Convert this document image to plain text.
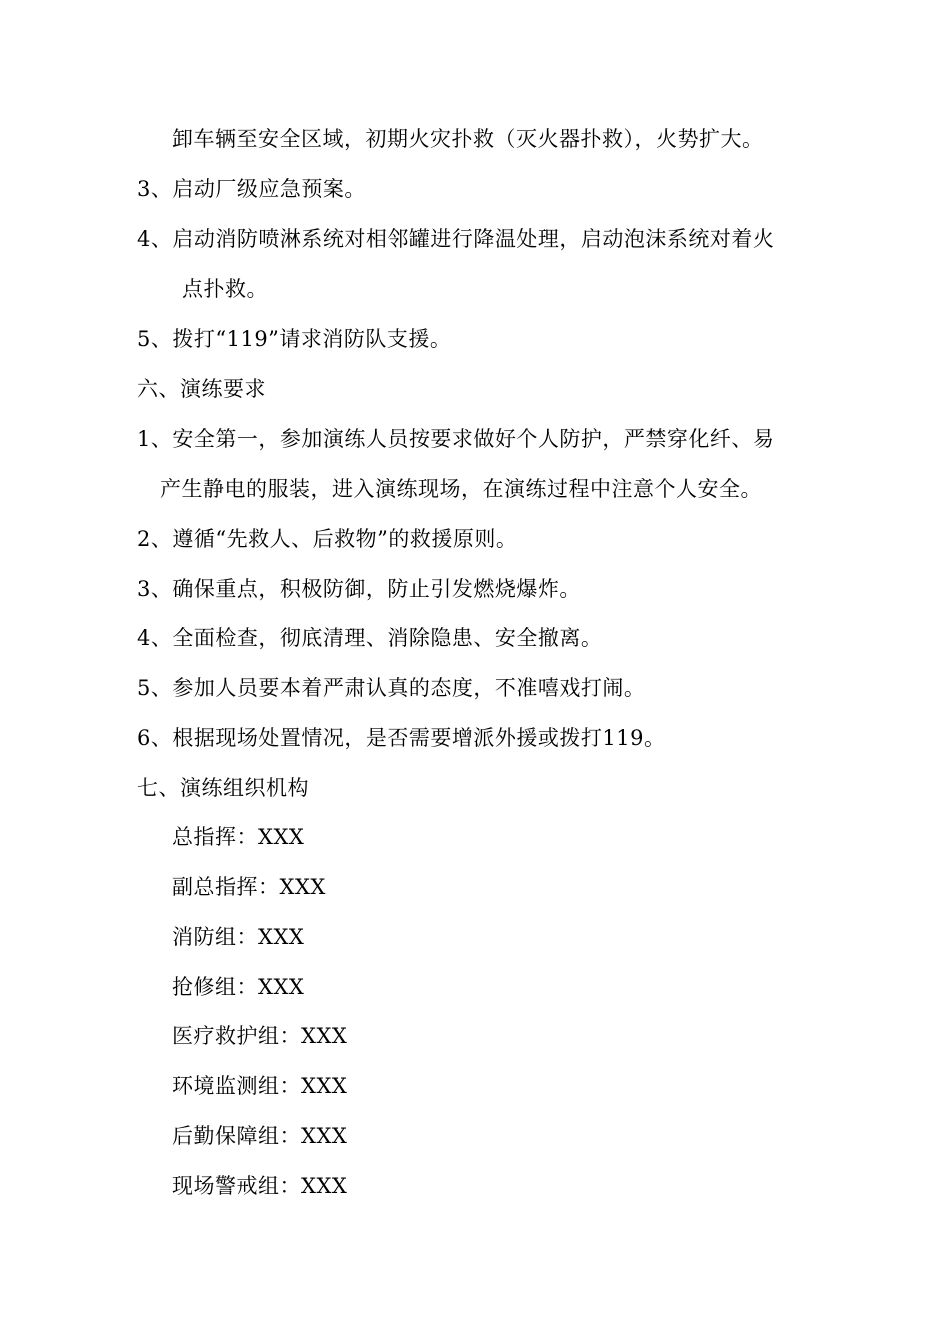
卸车辆至安全区域，初期火灾扑救（灭火器扑救），火势扩大。
3、启动厂级应急预案。
4、启动消防喷淋系统对相邻罐进行降温处理，启动泡沫系统对着火
点扑救。
5、拨打“119”请求消防队支援。
六、演练要求
1、安全第一，参加演练人员按要求做好个人防护，严禁穿化纤、易
产生静电的服装，进入演练现场，在演练过程中注意个人安全。
2、遵循“先救人、后救物”的救援原则。
3、确保重点，积极防御，防止引发燃烧爆炸。
4、全面检查，彻底清理、消除隐患、安全撤离。
5、参加人员要本着严肃认真的态度，不准嘻戏打闹。
6、根据现场处置情况，是否需要增派外援或拨打119。
七、演练组织机构
总指挥：XXX
副总指挥：XXX
消防组：XXX
抢修组：XXX
医疗救护组：XXX
环境监测组：XXX
后勤保障组：XXX
现场警戒组：XXX
